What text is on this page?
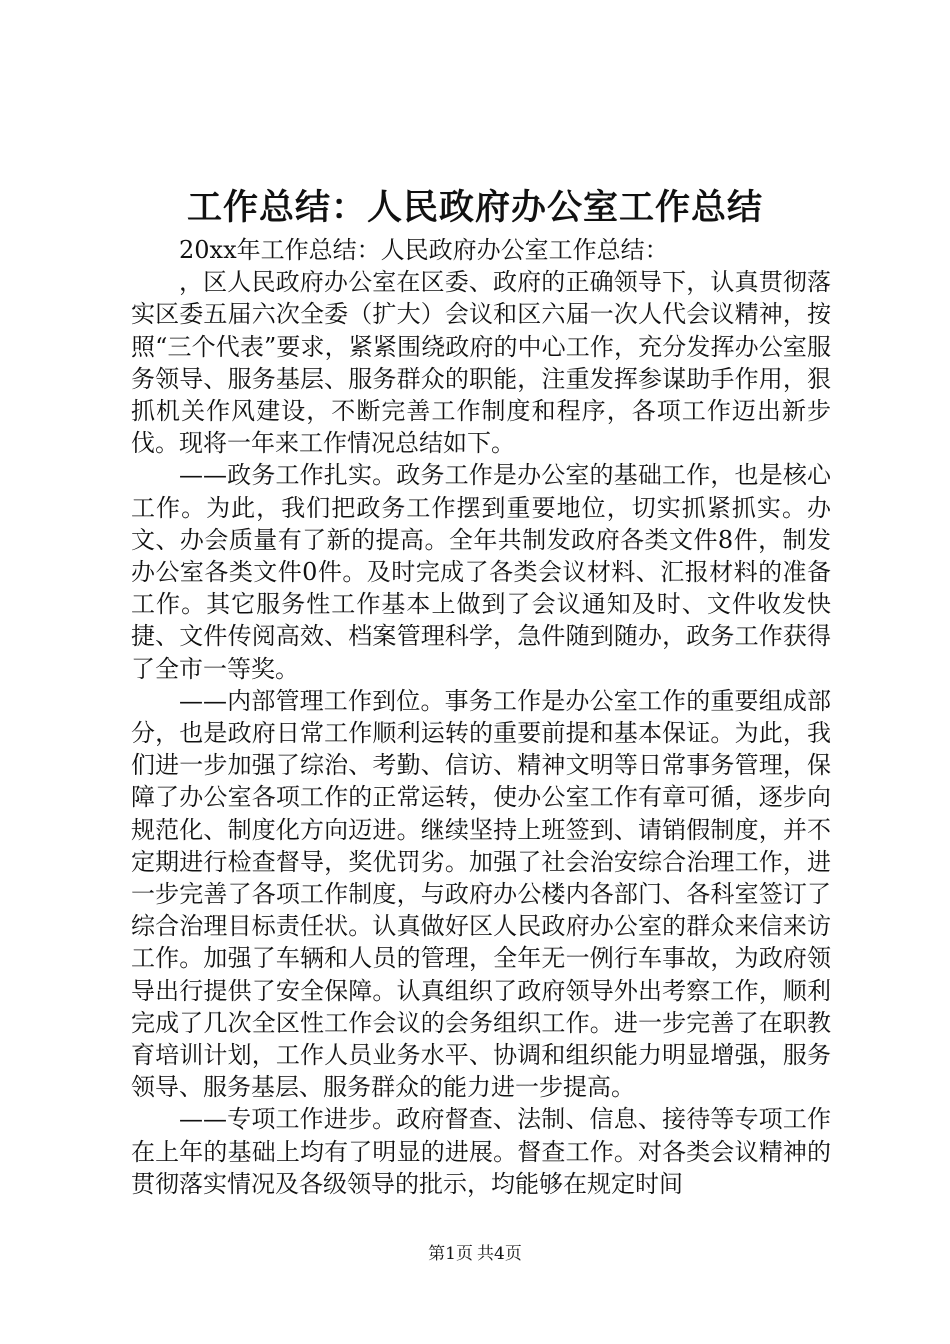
工作总结：人民政府办公室工作总结

20xx年工作总结：人民政府办公室工作总结：

，区人民政府办公室在区委、政府的正确领导下，认真贯彻落实区委五届六次全委（扩大）会议和区六届一次人代会议精神，按照“三个代表”要求，紧紧围绕政府的中心工作，充分发挥办公室服务领导、服务基层、服务群众的职能，注重发挥参谋助手作用，狠抓机关作风建设，不断完善工作制度和程序，各项工作迈出新步伐。现将一年来工作情况总结如下。

——政务工作扎实。政务工作是办公室的基础工作，也是核心工作。为此，我们把政务工作摆到重要地位，切实抓紧抓实。办文、办会质量有了新的提高。全年共制发政府各类文件8件，制发办公室各类文件0件。及时完成了各类会议材料、汇报材料的准备工作。其它服务性工作基本上做到了会议通知及时、文件收发快捷、文件传阅高效、档案管理科学，急件随到随办，政务工作获得了全市一等奖。

——内部管理工作到位。事务工作是办公室工作的重要组成部分，也是政府日常工作顺利运转的重要前提和基本保证。为此，我们进一步加强了综治、考勤、信访、精神文明等日常事务管理，保障了办公室各项工作的正常运转，使办公室工作有章可循，逐步向规范化、制度化方向迈进。继续坚持上班签到、请销假制度，并不定期进行检查督导，奖优罚劣。加强了社会治安综合治理工作，进一步完善了各项工作制度，与政府办公楼内各部门、各科室签订了综合治理目标责任状。认真做好区人民政府办公室的群众来信来访工作。加强了车辆和人员的管理，全年无一例行车事故，为政府领导出行提供了安全保障。认真组织了政府领导外出考察工作，顺利完成了几次全区性工作会议的会务组织工作。进一步完善了在职教育培训计划，工作人员业务水平、协调和组织能力明显增强，服务领导、服务基层、服务群众的能力进一步提高。

——专项工作进步。政府督查、法制、信息、接待等专项工作在上年的基础上均有了明显的进展。督查工作。对各类会议精神的贯彻落实情况及各级领导的批示，均能够在规定时间

第1页 共4页
